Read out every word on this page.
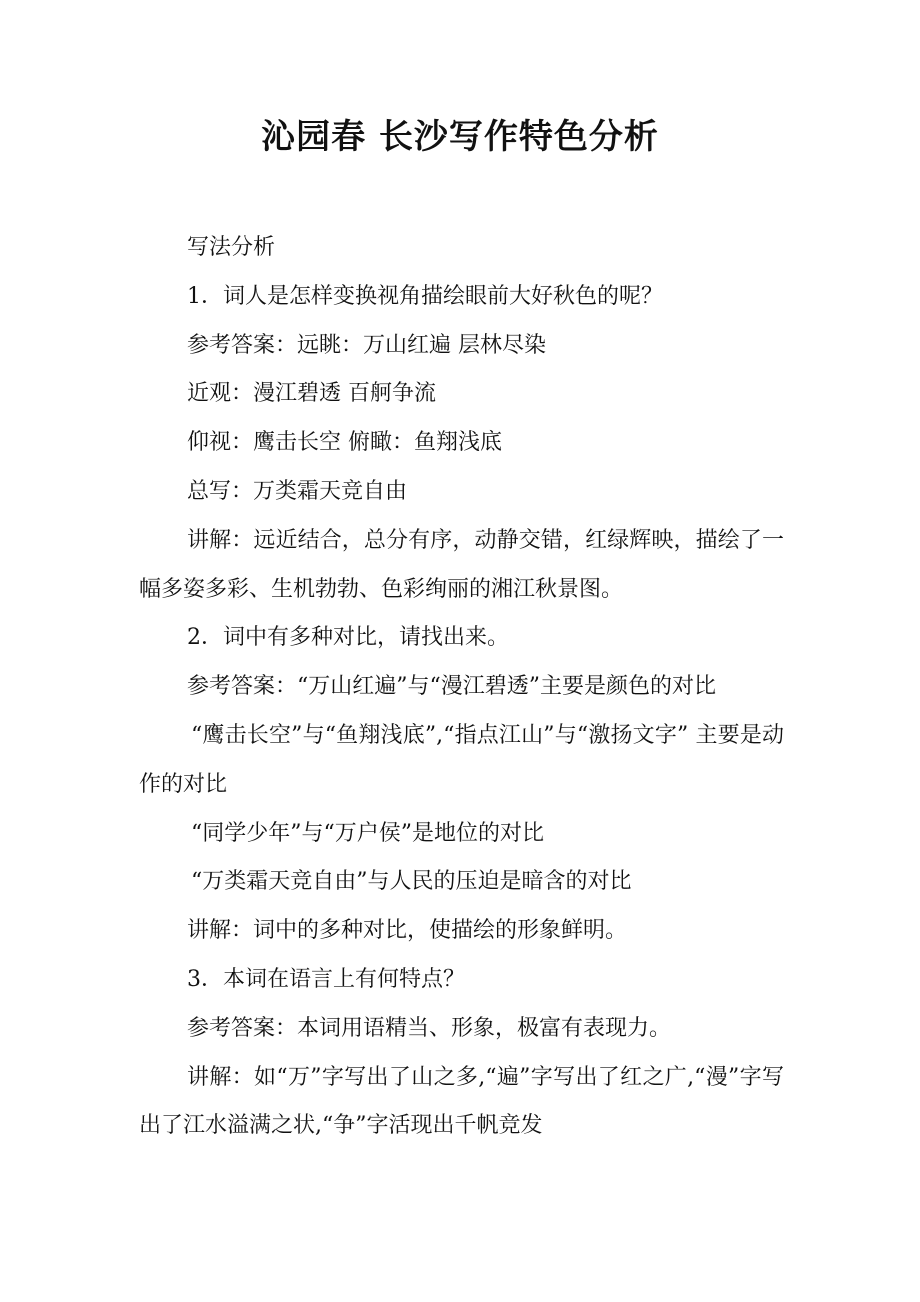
沁园春 长沙写作特色分析

写法分析

1．词人是怎样变换视角描绘眼前大好秋色的呢？

参考答案：远眺：万山红遍 层林尽染

近观：漫江碧透 百舸争流

仰视：鹰击长空 俯瞰：鱼翔浅底

总写：万类霜天竞自由

讲解：远近结合，总分有序，动静交错，红绿辉映，描绘了一幅多姿多彩、生机勃勃、色彩绚丽的湘江秋景图。

2．词中有多种对比，请找出来。

参考答案：“万山红遍”与“漫江碧透”主要是颜色的对比

“鹰击长空”与“鱼翔浅底”,“指点江山”与“激扬文字” 主要是动作的对比

“同学少年”与“万户侯”是地位的对比

“万类霜天竞自由”与人民的压迫是暗含的对比

讲解：词中的多种对比，使描绘的形象鲜明。

3．本词在语言上有何特点？

参考答案：本词用语精当、形象，极富有表现力。

讲解：如“万”字写出了山之多,“遍”字写出了红之广,“漫”字写出了江水溢满之状,“争”字活现出千帆竞发
